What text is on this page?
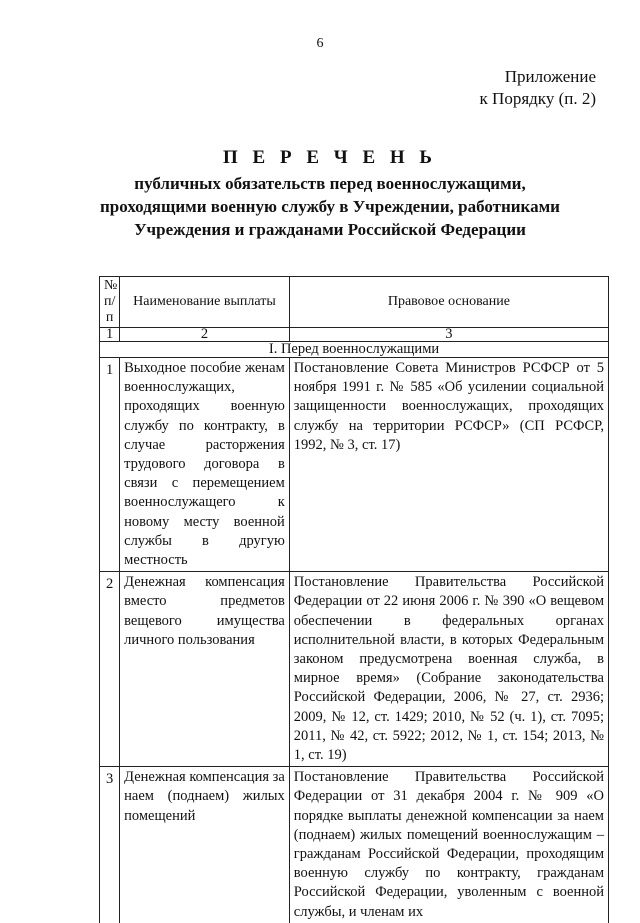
6
Приложение
к Порядку (п. 2)
П Е Р Е Ч Е Н Ь
публичных обязательств перед военнослужащими,
проходящими военную службу в Учреждении, работниками
Учреждения и гражданами Российской Федерации
№ п/п	Наименование выплаты	Правовое основание
1	2	3
I. Перед военнослужащими		
1	Выходное пособие женам военнослужащих, проходящих военную службу по контракту, в случае расторжения трудового договора в связи с перемещением военнослужащего к новому месту военной службы в другую местность	Постановление Совета Министров РСФСР от 5 ноября 1991 г. № 585 «Об усилении социальной защищенности военнослужащих, проходящих службу на территории РСФСР» (СП РСФСР, 1992, № 3, ст. 17)
2	Денежная компенсация вместо предметов вещевого имущества личного пользования	Постановление Правительства Российской Федерации от 22 июня 2006 г. № 390 «О вещевом обеспечении в федеральных органах исполнительной власти, в которых Федеральным законом предусмотрена военная служба, в мирное время» (Собрание законодательства Российской Федерации, 2006, № 27, ст. 2936; 2009, № 12, ст. 1429; 2010, № 52 (ч. 1), ст. 7095; 2011, № 42, ст. 5922; 2012, № 1, ст. 154; 2013, № 1, ст. 19)
3	Денежная компенсация за наем (поднаем) жилых помещений	Постановление Правительства Российской Федерации от 31 декабря 2004 г. № 909 «О порядке выплаты денежной компенсации за наем (поднаем) жилых помещений военнослужащим – гражданам Российской Федерации, проходящим военную службу по контракту, гражданам Российской Федерации, уволенным с военной службы, и членам их
